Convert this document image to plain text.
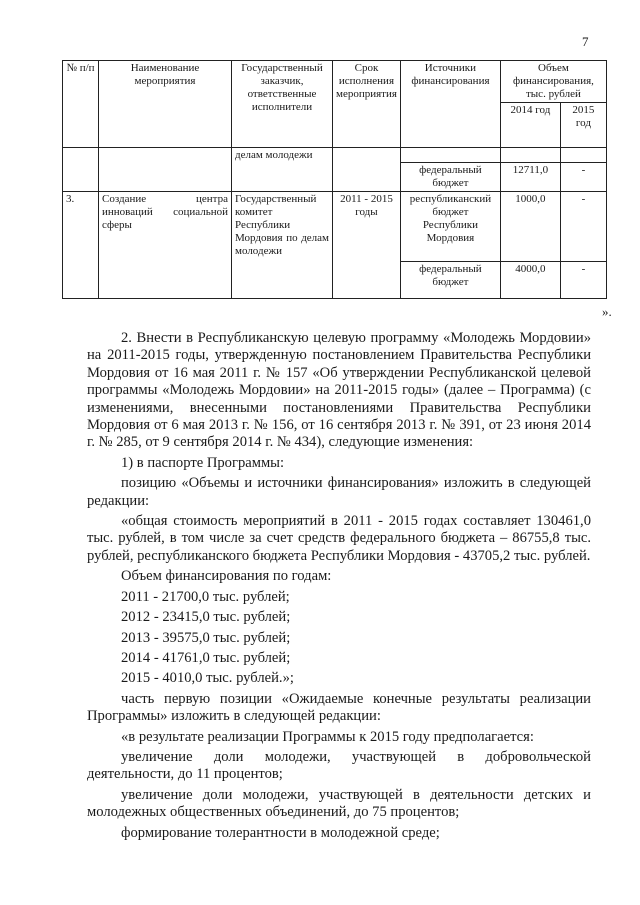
7
№ п/п	Наименование мероприятия	Государственный заказчик, ответственные исполнители	Срок исполнения мероприятия	Источники финансирования	Объем финансирования, тыс. рублей	
					2014 год	2015 год
		делам молодежи				
				федеральный бюджет	12711,0	-
3.	Создание центра инноваций социальной сферы	Государственный комитет Республики Мордовия по делам молодежи	2011 - 2015 годы	республиканский бюджет Республики Мордовия	1000,0	-
				федеральный бюджет	4000,0	-
».

2. Внести в Республиканскую целевую программу «Молодежь Мордовии» на 2011-2015 годы, утвержденную постановлением Правительства Республики Мордовия от 16 мая 2011 г. № 157 «Об утверждении Республиканской целевой программы «Молодежь Мордовии» на 2011-2015 годы» (далее – Программа) (с изменениями, внесенными постановлениями Правительства Республики Мордовия от 6 мая 2013 г. № 156, от 16 сентября 2013 г. № 391, от 23 июня 2014 г. № 285, от 9 сентября 2014 г. № 434), следующие изменения:

1) в паспорте Программы:

позицию «Объемы и источники финансирования» изложить в следующей редакции:

«общая стоимость мероприятий в 2011 - 2015 годах составляет 130461,0 тыс. рублей, в том числе за счет средств федерального бюджета – 86755,8 тыс. рублей, республиканского бюджета Республики Мордовия - 43705,2 тыс. рублей.

Объем финансирования по годам:

2011 - 21700,0 тыс. рублей;

2012 - 23415,0 тыс. рублей;

2013 - 39575,0 тыс. рублей;

2014 - 41761,0 тыс. рублей;

2015 - 4010,0 тыс. рублей.»;

часть первую позиции «Ожидаемые конечные результаты реализации Программы» изложить в следующей редакции:

«в результате реализации Программы к 2015 году предполагается:

увеличение доли молодежи, участвующей в добровольческой деятельности, до 11 процентов;

увеличение доли молодежи, участвующей в деятельности детских и молодежных общественных объединений, до 75 процентов;

формирование толерантности в молодежной среде;
